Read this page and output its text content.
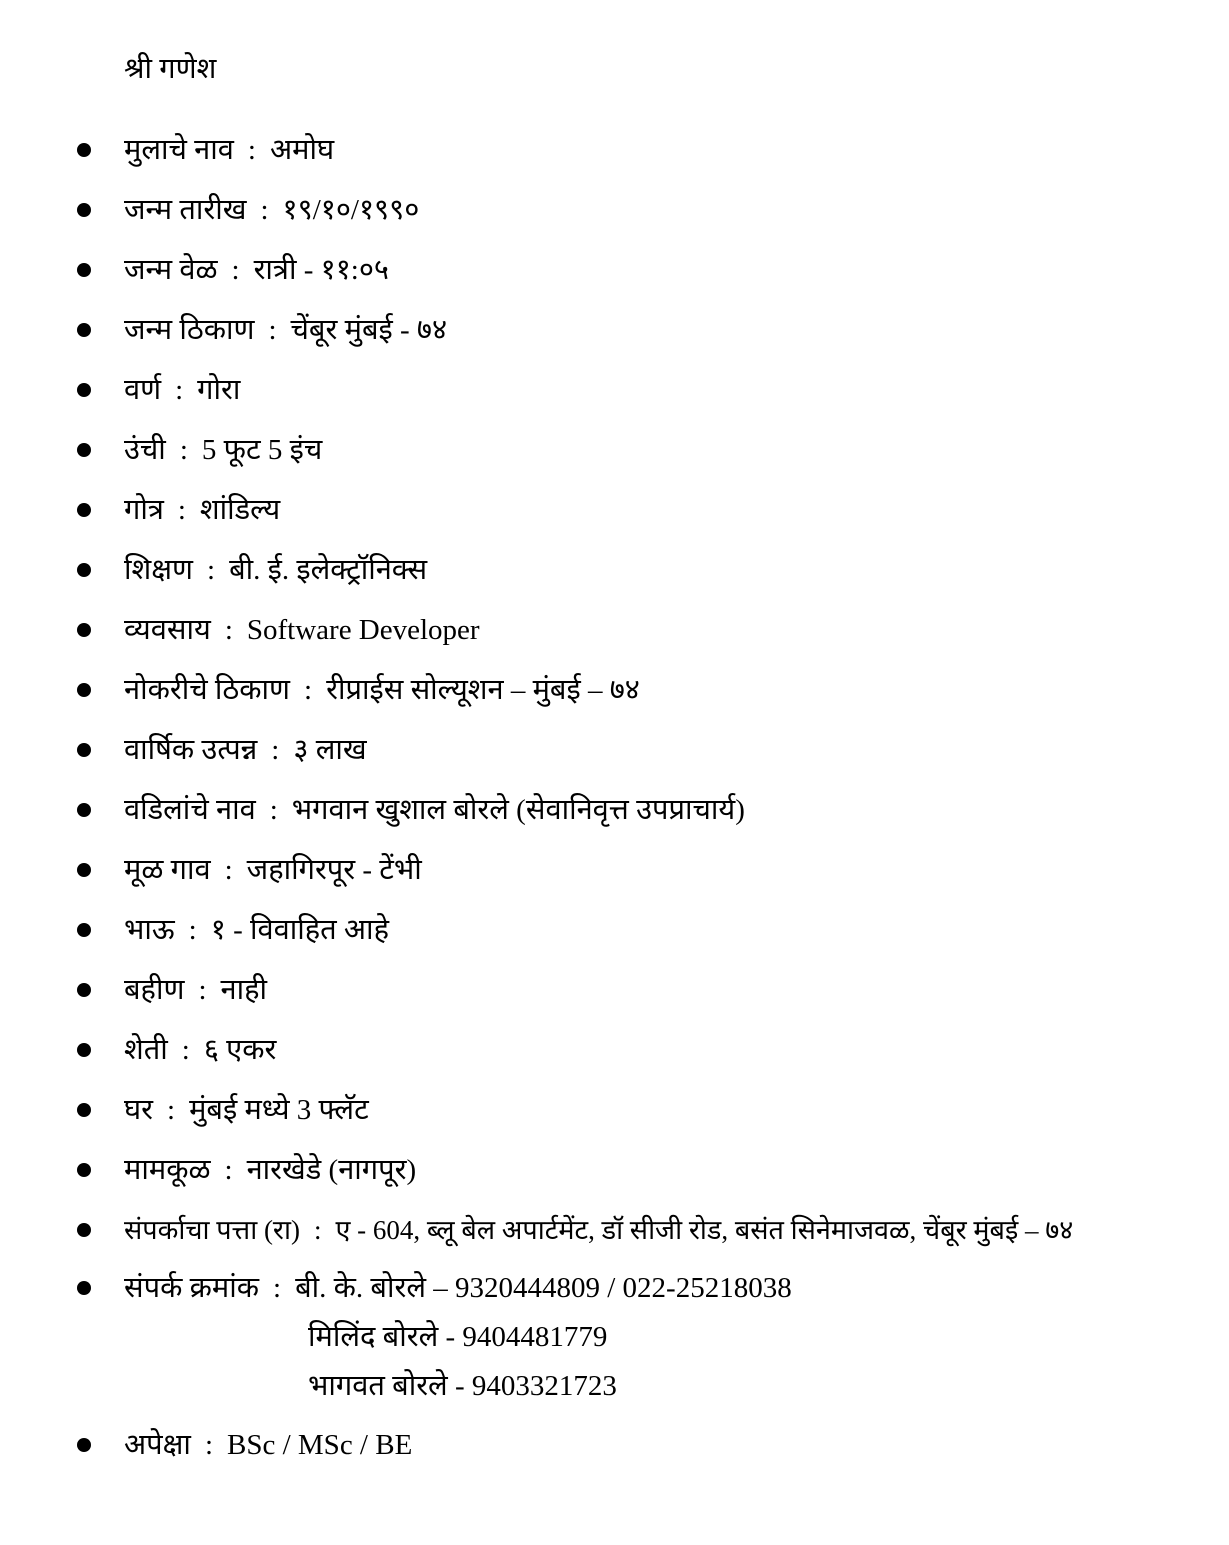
श्री गणेश
मुलाचे नाव : अमोघ
जन्म तारीख : १९/१०/१९९०
जन्म वेळ : रात्री - ११:०५
जन्म ठिकाण : चेंबूर मुंबई - ७४
वर्ण : गोरा
उंची : 5 फूट 5 इंच
गोत्र : शांडिल्य
शिक्षण : बी. ई. इलेक्ट्रॉनिक्स
व्यवसाय : Software Developer
नोकरीचे ठिकाण : रीप्राईस सोल्यूशन – मुंबई – ७४
वार्षिक उत्पन्न : ३ लाख
वडिलांचे नाव : भगवान खुशाल बोरले (सेवानिवृत्त उपप्राचार्य)
मूळ गाव : जहागिरपूर - टेंभी
भाऊ : १ - विवाहित आहे
बहीण : नाही
शेती : ६ एकर
घर : मुंबई मध्ये 3 फ्लॅट
मामकूळ : नारखेडे (नागपूर)
संपर्काचा पत्ता (रा) : ए - 604, ब्लू बेल अपार्टमेंट, डॉ सीजी रोड, बसंत सिनेमाजवळ, चेंबूर मुंबई – ७४
संपर्क क्रमांक : बी. के. बोरले – 9320444809 / 022-25218038
मिलिंद बोरले - 9404481779
भागवत बोरले - 9403321723
अपेक्षा : BSc / MSc / BE
